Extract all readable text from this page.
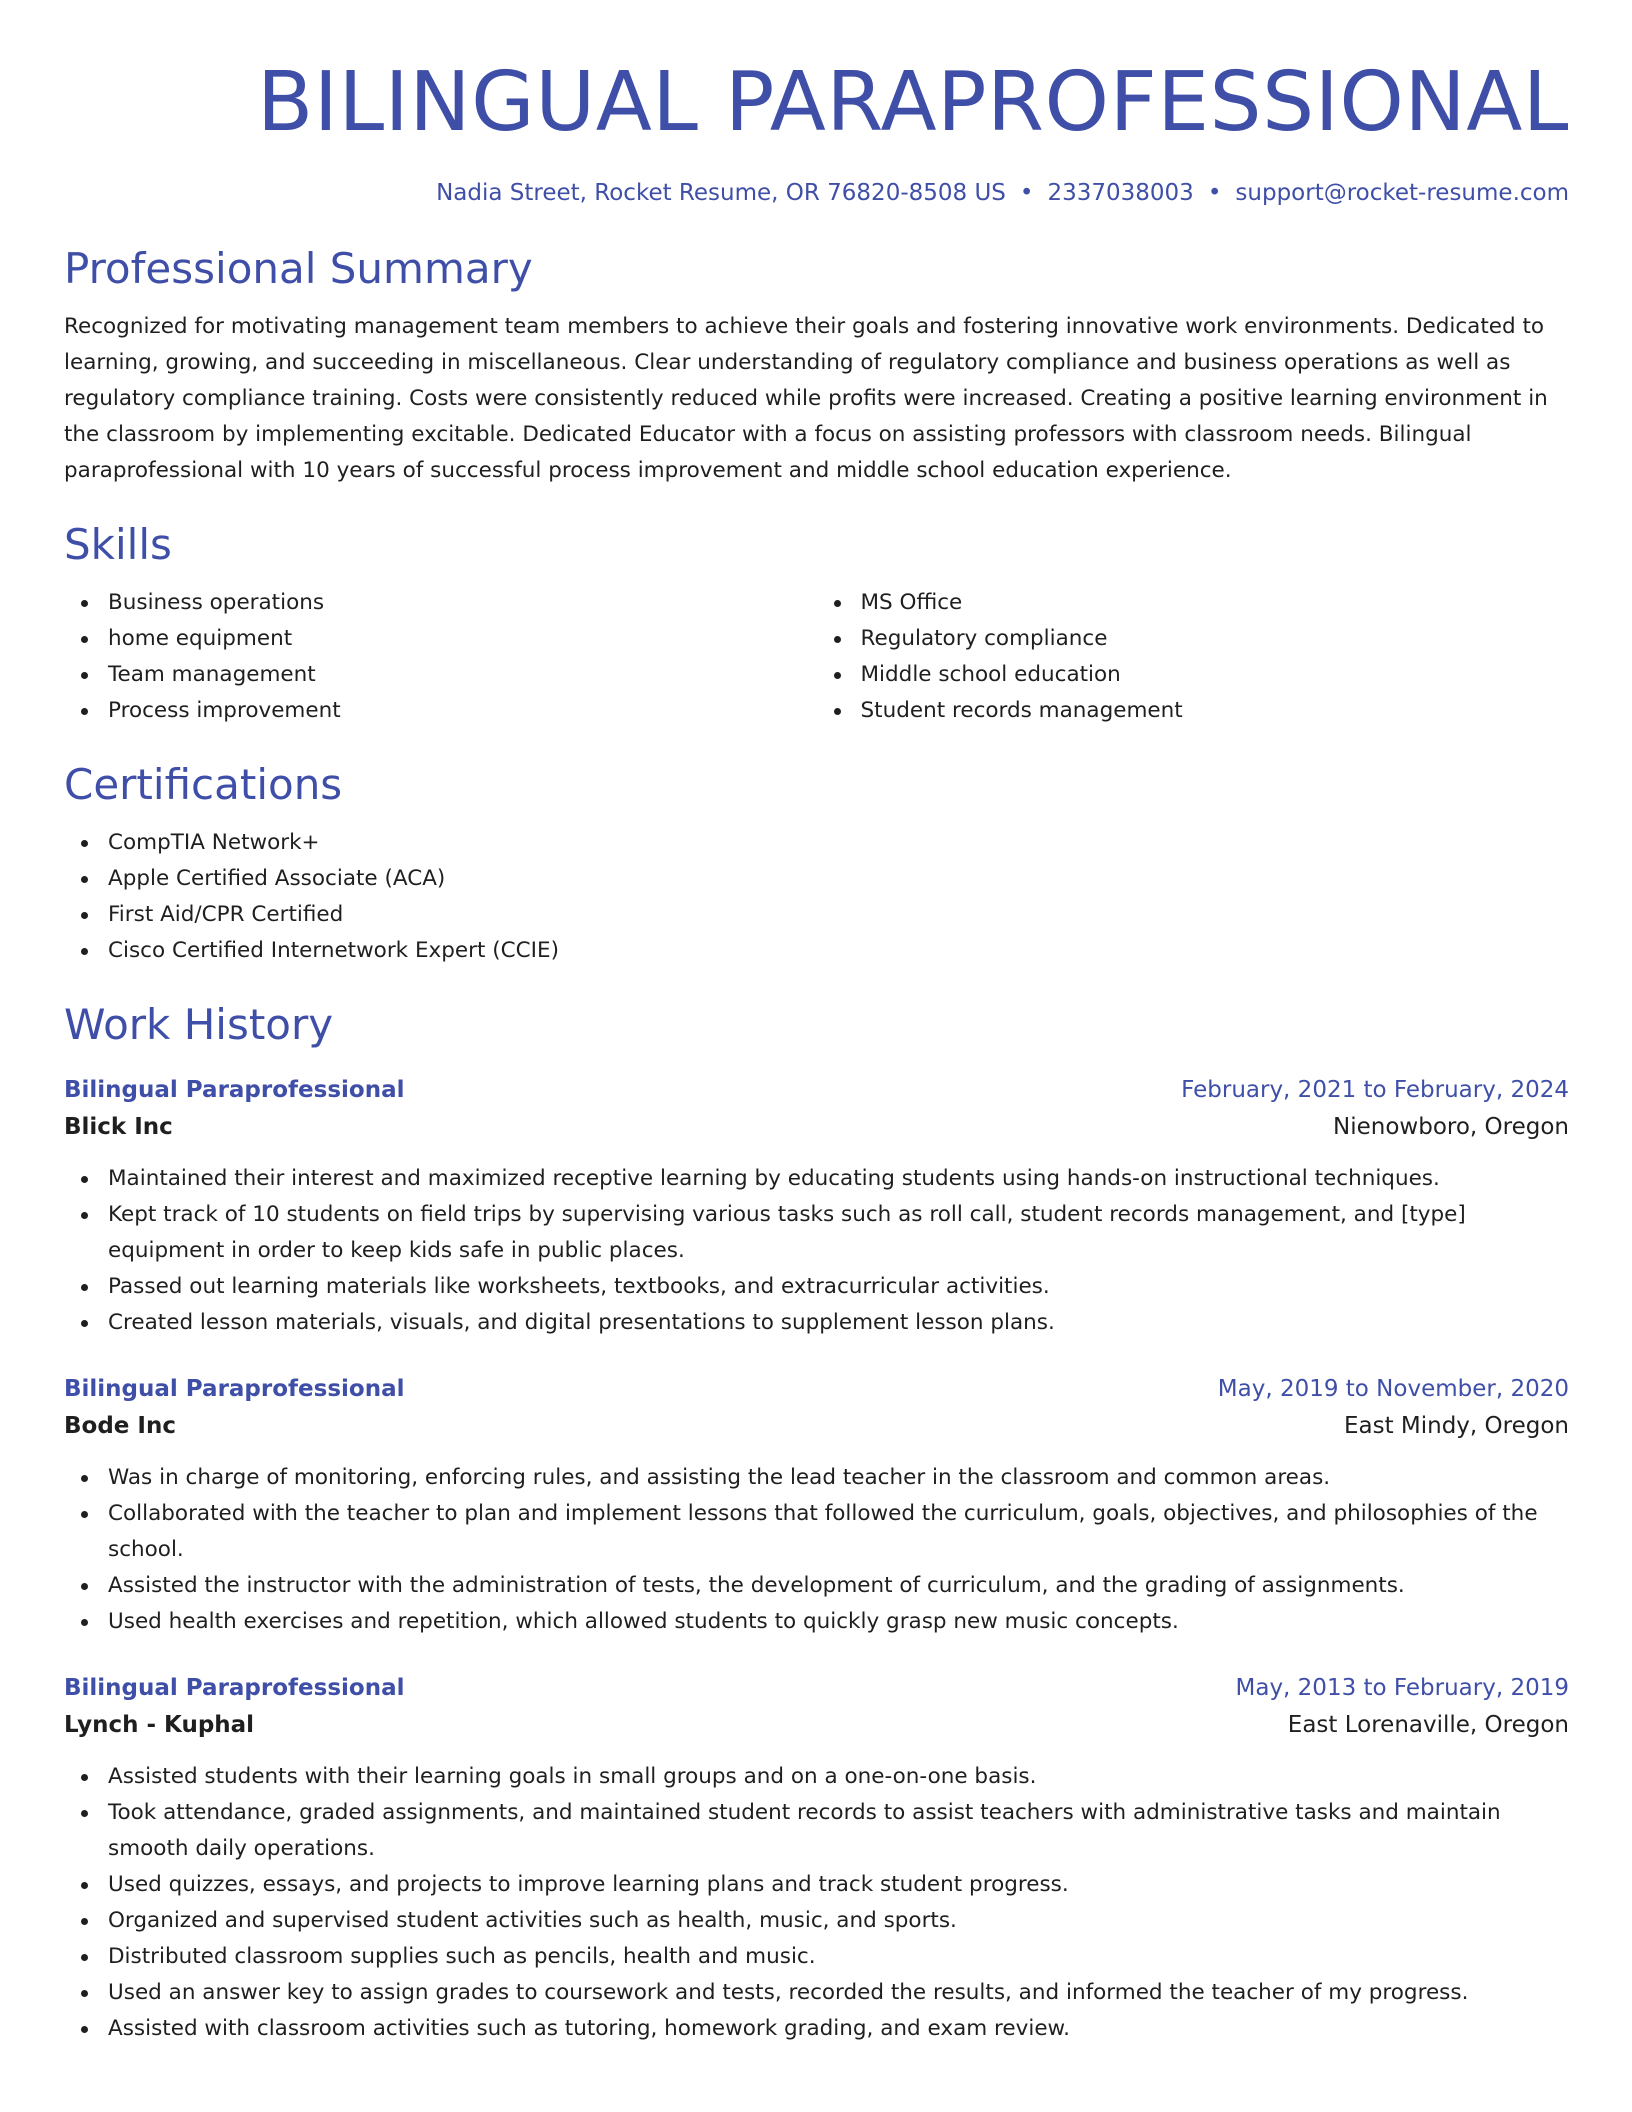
BILINGUAL PARAPROFESSIONAL
Nadia Street, Rocket Resume, OR 76820-8508 US • 2337038003 • support@rocket-resume.com
Professional Summary
Recognized for motivating management team members to achieve their goals and fostering innovative work environments. Dedicated to learning, growing, and succeeding in miscellaneous. Clear understanding of regulatory compliance and business operations as well as regulatory compliance training. Costs were consistently reduced while profits were increased. Creating a positive learning environment in the classroom by implementing excitable. Dedicated Educator with a focus on assisting professors with classroom needs. Bilingual paraprofessional with 10 years of successful process improvement and middle school education experience.
Skills
Business operations
home equipment
Team management
Process improvement
MS Office
Regulatory compliance
Middle school education
Student records management
Certifications
CompTIA Network+
Apple Certified Associate (ACA)
First Aid/CPR Certified
Cisco Certified Internetwork Expert (CCIE)
Work History
Bilingual Paraprofessional	February, 2021 to February, 2024
Blick Inc	Nienowboro, Oregon
Maintained their interest and maximized receptive learning by educating students using hands-on instructional techniques.
Kept track of 10 students on field trips by supervising various tasks such as roll call, student records management, and [type] equipment in order to keep kids safe in public places.
Passed out learning materials like worksheets, textbooks, and extracurricular activities.
Created lesson materials, visuals, and digital presentations to supplement lesson plans.
Bilingual Paraprofessional	May, 2019 to November, 2020
Bode Inc	East Mindy, Oregon
Was in charge of monitoring, enforcing rules, and assisting the lead teacher in the classroom and common areas.
Collaborated with the teacher to plan and implement lessons that followed the curriculum, goals, objectives, and philosophies of the school.
Assisted the instructor with the administration of tests, the development of curriculum, and the grading of assignments.
Used health exercises and repetition, which allowed students to quickly grasp new music concepts.
Bilingual Paraprofessional	May, 2013 to February, 2019
Lynch - Kuphal	East Lorenaville, Oregon
Assisted students with their learning goals in small groups and on a one-on-one basis.
Took attendance, graded assignments, and maintained student records to assist teachers with administrative tasks and maintain smooth daily operations.
Used quizzes, essays, and projects to improve learning plans and track student progress.
Organized and supervised student activities such as health, music, and sports.
Distributed classroom supplies such as pencils, health and music.
Used an answer key to assign grades to coursework and tests, recorded the results, and informed the teacher of my progress.
Assisted with classroom activities such as tutoring, homework grading, and exam review.
